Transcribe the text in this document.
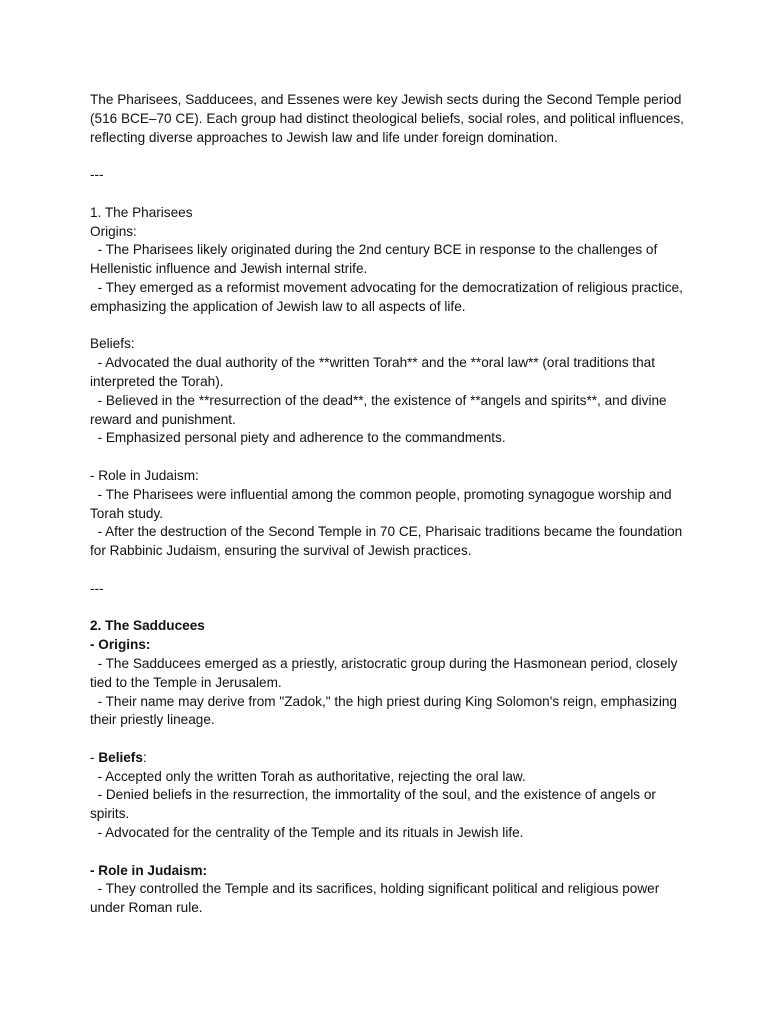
The Pharisees, Sadducees, and Essenes were key Jewish sects during the Second Temple period (516 BCE–70 CE). Each group had distinct theological beliefs, social roles, and political influences, reflecting diverse approaches to Jewish law and life under foreign domination.

---

1. The Pharisees

Origins:

- The Pharisees likely originated during the 2nd century BCE in response to the challenges of Hellenistic influence and Jewish internal strife.

- They emerged as a reformist movement advocating for the democratization of religious practice, emphasizing the application of Jewish law to all aspects of life.

Beliefs:

- Advocated the dual authority of the **written Torah** and the **oral law** (oral traditions that interpreted the Torah).

- Believed in the **resurrection of the dead**, the existence of **angels and spirits**, and divine reward and punishment.

- Emphasized personal piety and adherence to the commandments.

- Role in Judaism:

- The Pharisees were influential among the common people, promoting synagogue worship and Torah study.

- After the destruction of the Second Temple in 70 CE, Pharisaic traditions became the foundation for Rabbinic Judaism, ensuring the survival of Jewish practices.

---

2. The Sadducees

- Origins:

- The Sadducees emerged as a priestly, aristocratic group during the Hasmonean period, closely tied to the Temple in Jerusalem.

- Their name may derive from "Zadok," the high priest during King Solomon's reign, emphasizing their priestly lineage.

- Beliefs:

- Accepted only the written Torah as authoritative, rejecting the oral law.

- Denied beliefs in the resurrection, the immortality of the soul, and the existence of angels or spirits.

- Advocated for the centrality of the Temple and its rituals in Jewish life.

- Role in Judaism:

- They controlled the Temple and its sacrifices, holding significant political and religious power under Roman rule.
